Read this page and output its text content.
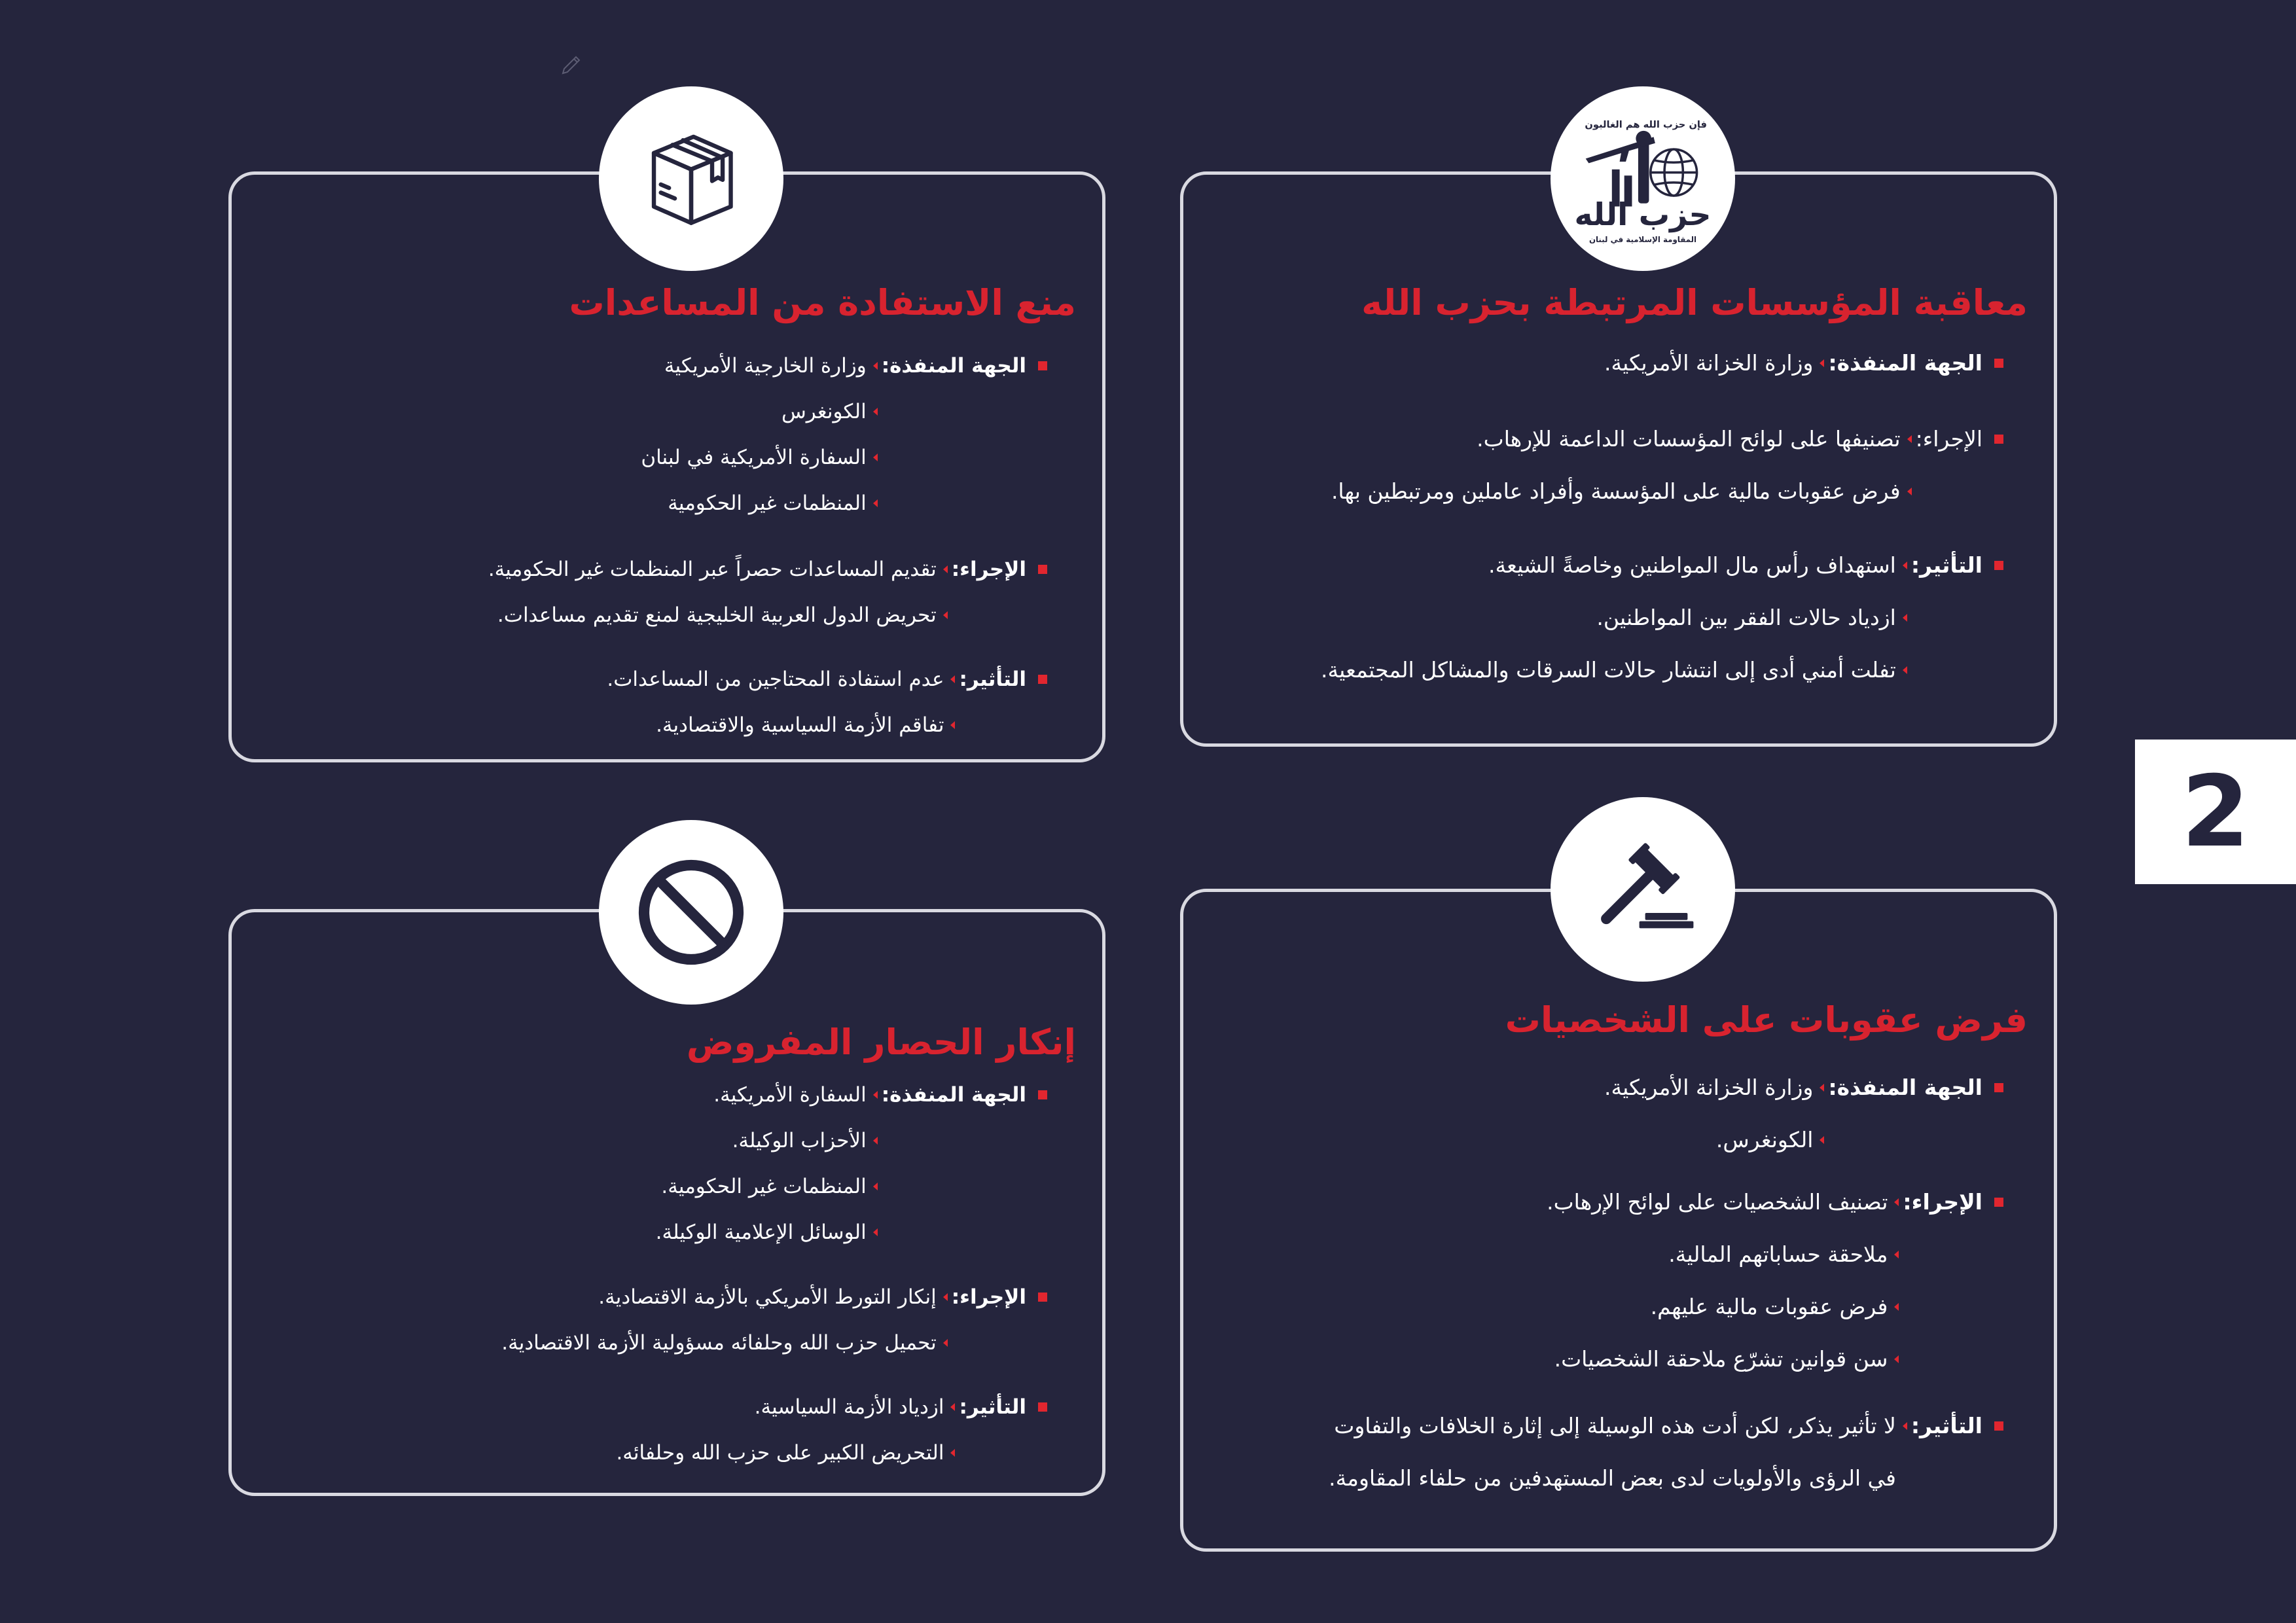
منع الاستفادة من المساعدات
الجهة المنفذة:
وزارة الخارجية الأمريكية
الكونغرس
السفارة الأمريكية في لبنان
المنظمات غير الحكومية
الإجراء:
تقديم المساعدات حصراً عبر المنظمات غير الحكومية.
تحريض الدول العربية الخليجية لمنع تقديم مساعدات.
التأثير:
عدم استفادة المحتاجين من المساعدات.
تفاقم الأزمة السياسية والاقتصادية.
فإن حزب الله هم الغالبون
حزب الله
المقاومة الإسلامية في لبنان
معاقبة المؤسسات المرتبطة بحزب الله
الجهة المنفذة:
وزارة الخزانة الأمريكية.
الإجراء:
تصنيفها على لوائح المؤسسات الداعمة للإرهاب.
فرض عقوبات مالية على المؤسسة وأفراد عاملين ومرتبطين بها.
التأثير:
استهداف رأس مال المواطنين وخاصةً الشيعة.
ازدياد حالات الفقر بين المواطنين.
تفلت أمني أدى إلى انتشار حالات السرقات والمشاكل المجتمعية.
إنكار الحصار المفروض
الجهة المنفذة:
السفارة الأمريكية.
الأحزاب الوكيلة.
المنظمات غير الحكومية.
الوسائل الإعلامية الوكيلة.
الإجراء:
إنكار التورط الأمريكي بالأزمة الاقتصادية.
تحميل حزب الله وحلفائه مسؤولية الأزمة الاقتصادية.
التأثير:
ازدياد الأزمة السياسية.
التحريض الكبير على حزب الله وحلفائه.
فرض عقوبات على الشخصيات
الجهة المنفذة:
وزارة الخزانة الأمريكية.
الكونغرس.
الإجراء:
تصنيف الشخصيات على لوائح الإرهاب.
ملاحقة حساباتهم المالية.
فرض عقوبات مالية عليهم.
سن قوانين تشرّع ملاحقة الشخصيات.
التأثير:
لا تأثير يذكر، لكن أدت هذه الوسيلة إلى إثارة الخلافات والتفاوت
في الرؤى والأولويات لدى بعض المستهدفين من حلفاء المقاومة.
2
